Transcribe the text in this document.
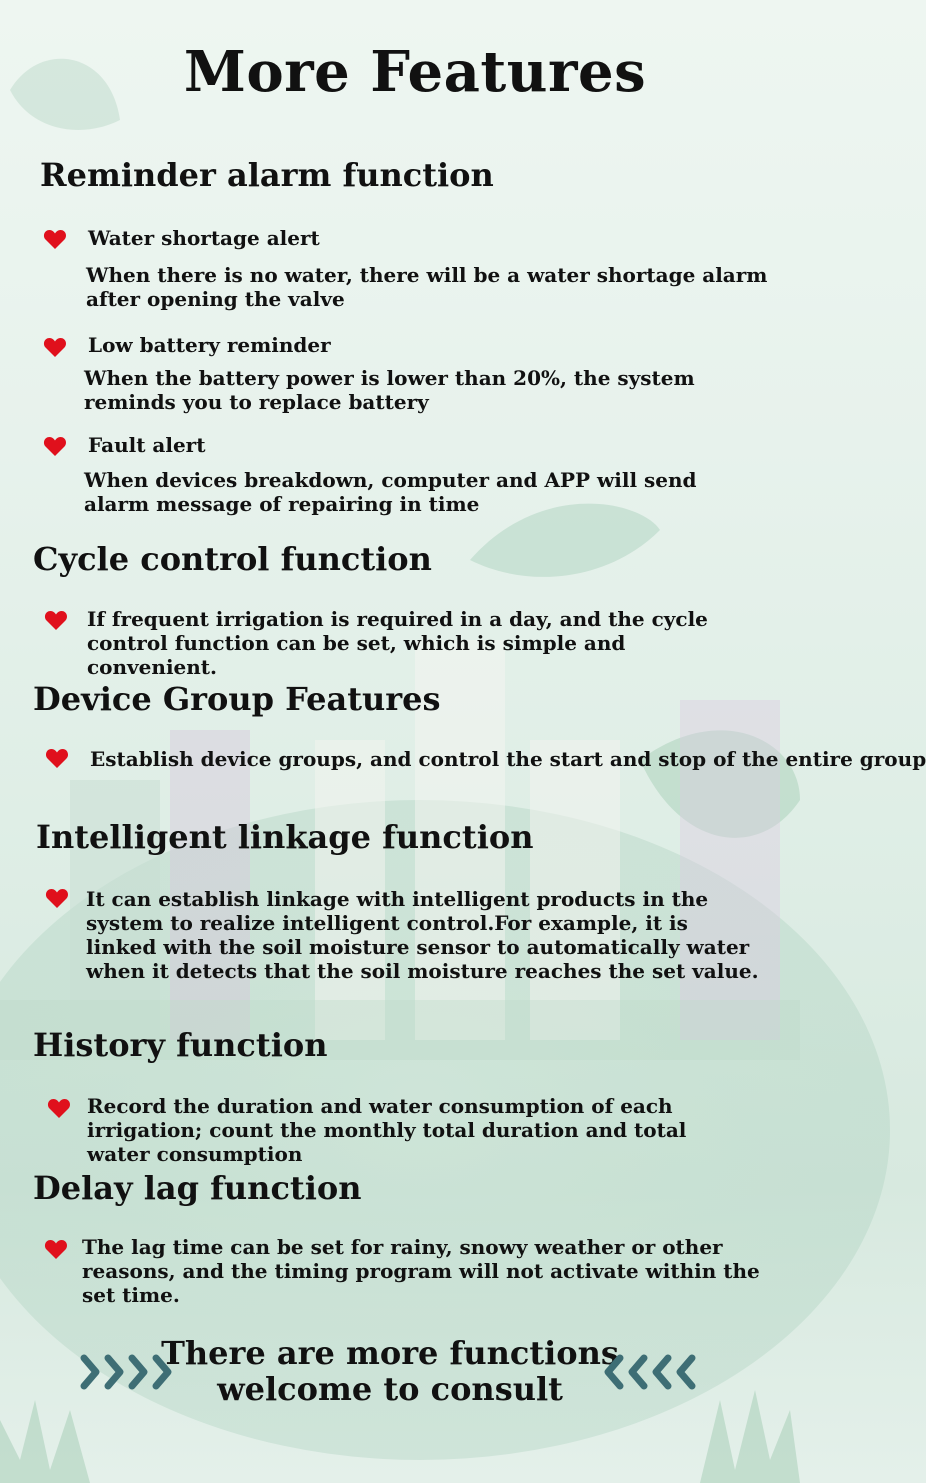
More Features
Reminder alarm function
Water shortage alert
When there is no water, there will be a water shortage alarm after opening the valve
Low battery reminder
When the battery power is lower than 20%, the system reminds you to replace battery
Fault alert
When devices breakdown, computer and APP will send alarm message of repairing in time
Cycle control function
If frequent irrigation is required in a day, and the cycle control function can be set, which is simple and convenient.
Device Group Features
Establish device groups, and control the start and stop of the entire group
Intelligent linkage function
It can establish linkage with intelligent products in the system to realize intelligent control.For example, it is linked with the soil moisture sensor to automatically water when it detects that the soil moisture reaches the set value.
History function
Record the duration and water consumption of each irrigation; count the monthly total duration and total water consumption
Delay lag function
The lag time can be set for rainy, snowy weather or other reasons, and the timing program will not activate within the set time.
There are more functions
welcome to consult
